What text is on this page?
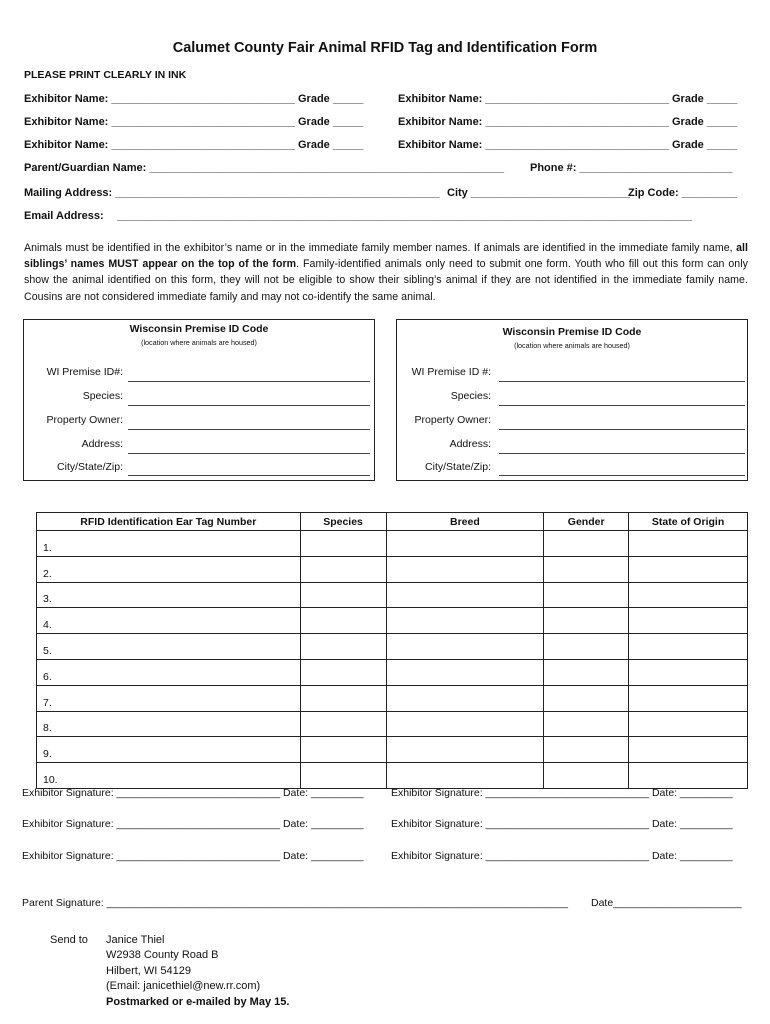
Calumet County Fair Animal RFID Tag and Identification Form
PLEASE PRINT CLEARLY IN INK
Exhibitor Name: ______________________________ Grade _____	Exhibitor Name: ______________________________ Grade _____
Exhibitor Name: ______________________________ Grade _____	Exhibitor Name: ______________________________ Grade _____
Exhibitor Name: ______________________________ Grade _____	Exhibitor Name: ______________________________ Grade _____
Parent/Guardian Name: __________________________________________________________ Phone #: _________________________
Mailing Address: _____________________________________________________ City __________________________
Zip Code: _________
Email Address: ______________________________________________________________________________________________
Animals must be identified in the exhibitor’s name or in the immediate family member names. If animals are identified in the immediate family name, all siblings’ names MUST appear on the top of the form. Family-identified animals only need to submit one form. Youth who fill out this form can only show the animal identified on this form, they will not be eligible to show their sibling’s animal if they are not identified in the immediate family name. Cousins are not considered immediate family and may not co-identify the same animal.
Wisconsin Premise ID Code
(location where animals are housed)
WI Premise ID#:
Species:
Property Owner:
Address:
City/State/Zip:
Wisconsin Premise ID Code
(location where animals are housed)
WI Premise ID #:
Species:
Property Owner:
Address:
City/State/Zip:
RFID Identification Ear Tag Number	Species	Breed	Gender	State of Origin
1.				
2.				
3.				
4.				
5.				
6.				
7.				
8.				
9.				
10.				
Exhibitor Signature: ____________________________ Date: _________	Exhibitor Signature: ____________________________ Date: _________
Exhibitor Signature: ____________________________ Date: _________	Exhibitor Signature: ____________________________ Date: _________
Exhibitor Signature: ____________________________ Date: _________	Exhibitor Signature: ____________________________ Date: _________
Parent Signature: _______________________________________________________________________________ Date______________________
Send to Janice Thiel
W2938 County Road B
Hilbert, WI 54129
(Email: janicethiel@new.rr.com)
Postmarked or e-mailed by May 15.
